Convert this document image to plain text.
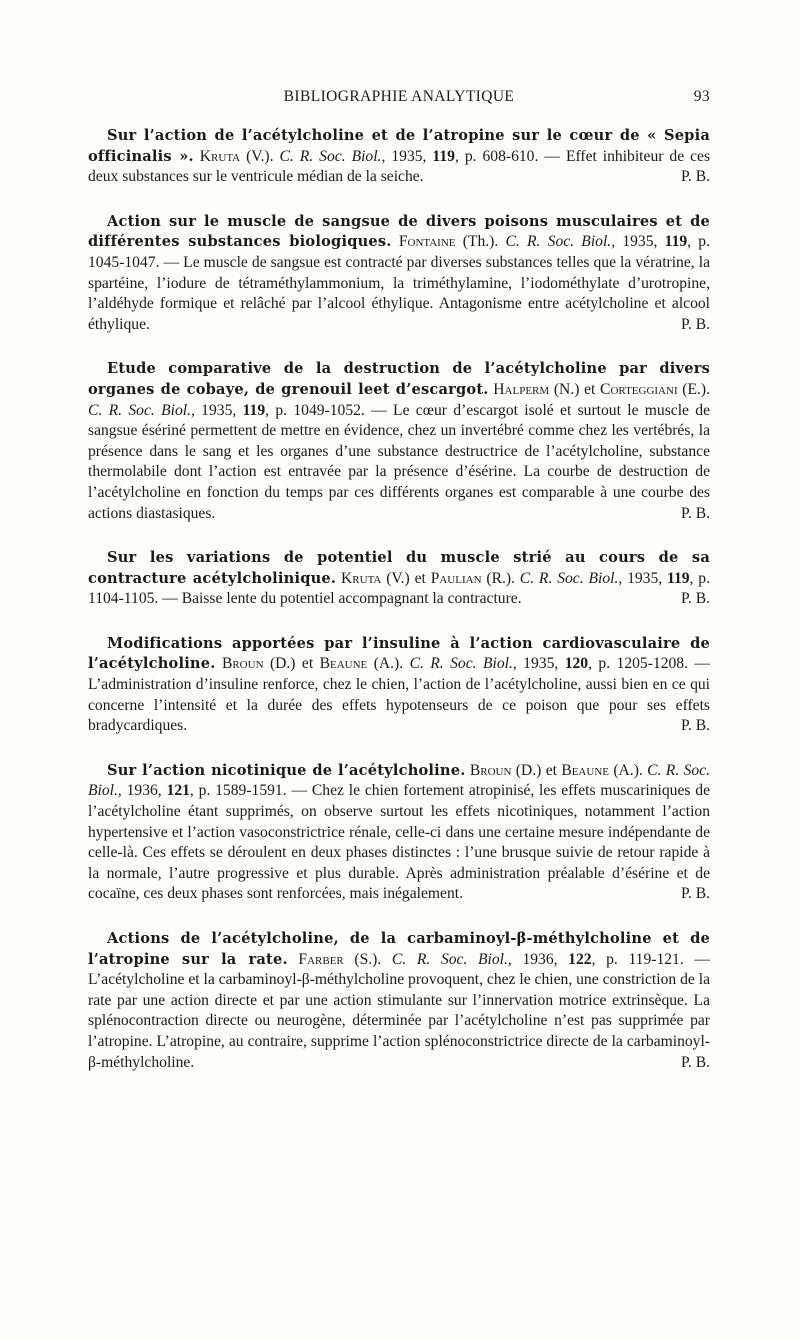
BIBLIOGRAPHIE ANALYTIQUE	93

Sur l’action de l’acétylcholine et de l’atropine sur le cœur de « Sepia officinalis ». Kruta (V.). C. R. Soc. Biol., 1935, 119, p. 608-610. — Effet inhibiteur de ces deux substances sur le ventricule médian de la seiche.	P. B.

Action sur le muscle de sangsue de divers poisons musculaires et de différentes substances biologiques. Fontaine (Th.). C. R. Soc. Biol., 1935, 119, p. 1045-1047. — Le muscle de sangsue est contracté par diverses substances telles que la vératrine, la spartéine, l’iodure de tétraméthylammonium, la triméthylamine, l’iodométhylate d’urotropine, l’aldéhyde formique et relâché par l’alcool éthylique. Antagonisme entre acétylcholine et alcool éthylique.	P. B.

Etude comparative de la destruction de l’acétylcholine par divers organes de cobaye, de grenouil leet d’escargot. Halperm (N.) et Corteggiani (E.). C. R. Soc. Biol., 1935, 119, p. 1049-1052. — Le cœur d’escargot isolé et surtout le muscle de sangsue ésériné permettent de mettre en évidence, chez un invertébré comme chez les vertébrés, la présence dans le sang et les organes d’une substance destructrice de l’acétylcholine, substance thermolabile dont l’action est entravée par la présence d’ésérine. La courbe de destruction de l’acétylcholine en fonction du temps par ces différents organes est comparable à une courbe des actions diastasiques.	P. B.

Sur les variations de potentiel du muscle strié au cours de sa contracture acétylcholinique. Kruta (V.) et Paulian (R.). C. R. Soc. Biol., 1935, 119, p. 1104-1105. — Baisse lente du potentiel accompagnant la contracture.	P. B.

Modifications apportées par l’insuline à l’action cardiovasculaire de l’acétylcholine. Broun (D.) et Beaune (A.). C. R. Soc. Biol., 1935, 120, p. 1205-1208. — L’administration d’insuline renforce, chez le chien, l’action de l’acétylcholine, aussi bien en ce qui concerne l’intensité et la durée des effets hypotenseurs de ce poison que pour ses effets bradycardiques.	P. B.

Sur l’action nicotinique de l’acétylcholine. Broun (D.) et Beaune (A.). C. R. Soc. Biol., 1936, 121, p. 1589-1591. — Chez le chien fortement atropinisé, les effets muscariniques de l’acétylcholine étant supprimés, on observe surtout les effets nicotiniques, notamment l’action hypertensive et l’action vasoconstrictrice rénale, celle-ci dans une certaine mesure indépendante de celle-là. Ces effets se déroulent en deux phases distinctes : l’une brusque suivie de retour rapide à la normale, l’autre progressive et plus durable. Après administration préalable d’ésérine et de cocaïne, ces deux phases sont renforcées, mais inégalement.	P. B.

Actions de l’acétylcholine, de la carbaminoyl-β-méthylcholine et de l’atropine sur la rate. Farber (S.). C. R. Soc. Biol., 1936, 122, p. 119-121. — L’acétylcholine et la carbaminoyl-β-méthylcholine provoquent, chez le chien, une constriction de la rate par une action directe et par une action stimulante sur l’innervation motrice extrinsèque. La splénocontraction directe ou neurogène, déterminée par l’acétylcholine n’est pas supprimée par l’atropine. L’atropine, au contraire, supprime l’action splénoconstrictrice directe de la carbaminoyl-β-méthylcholine.	P. B.
